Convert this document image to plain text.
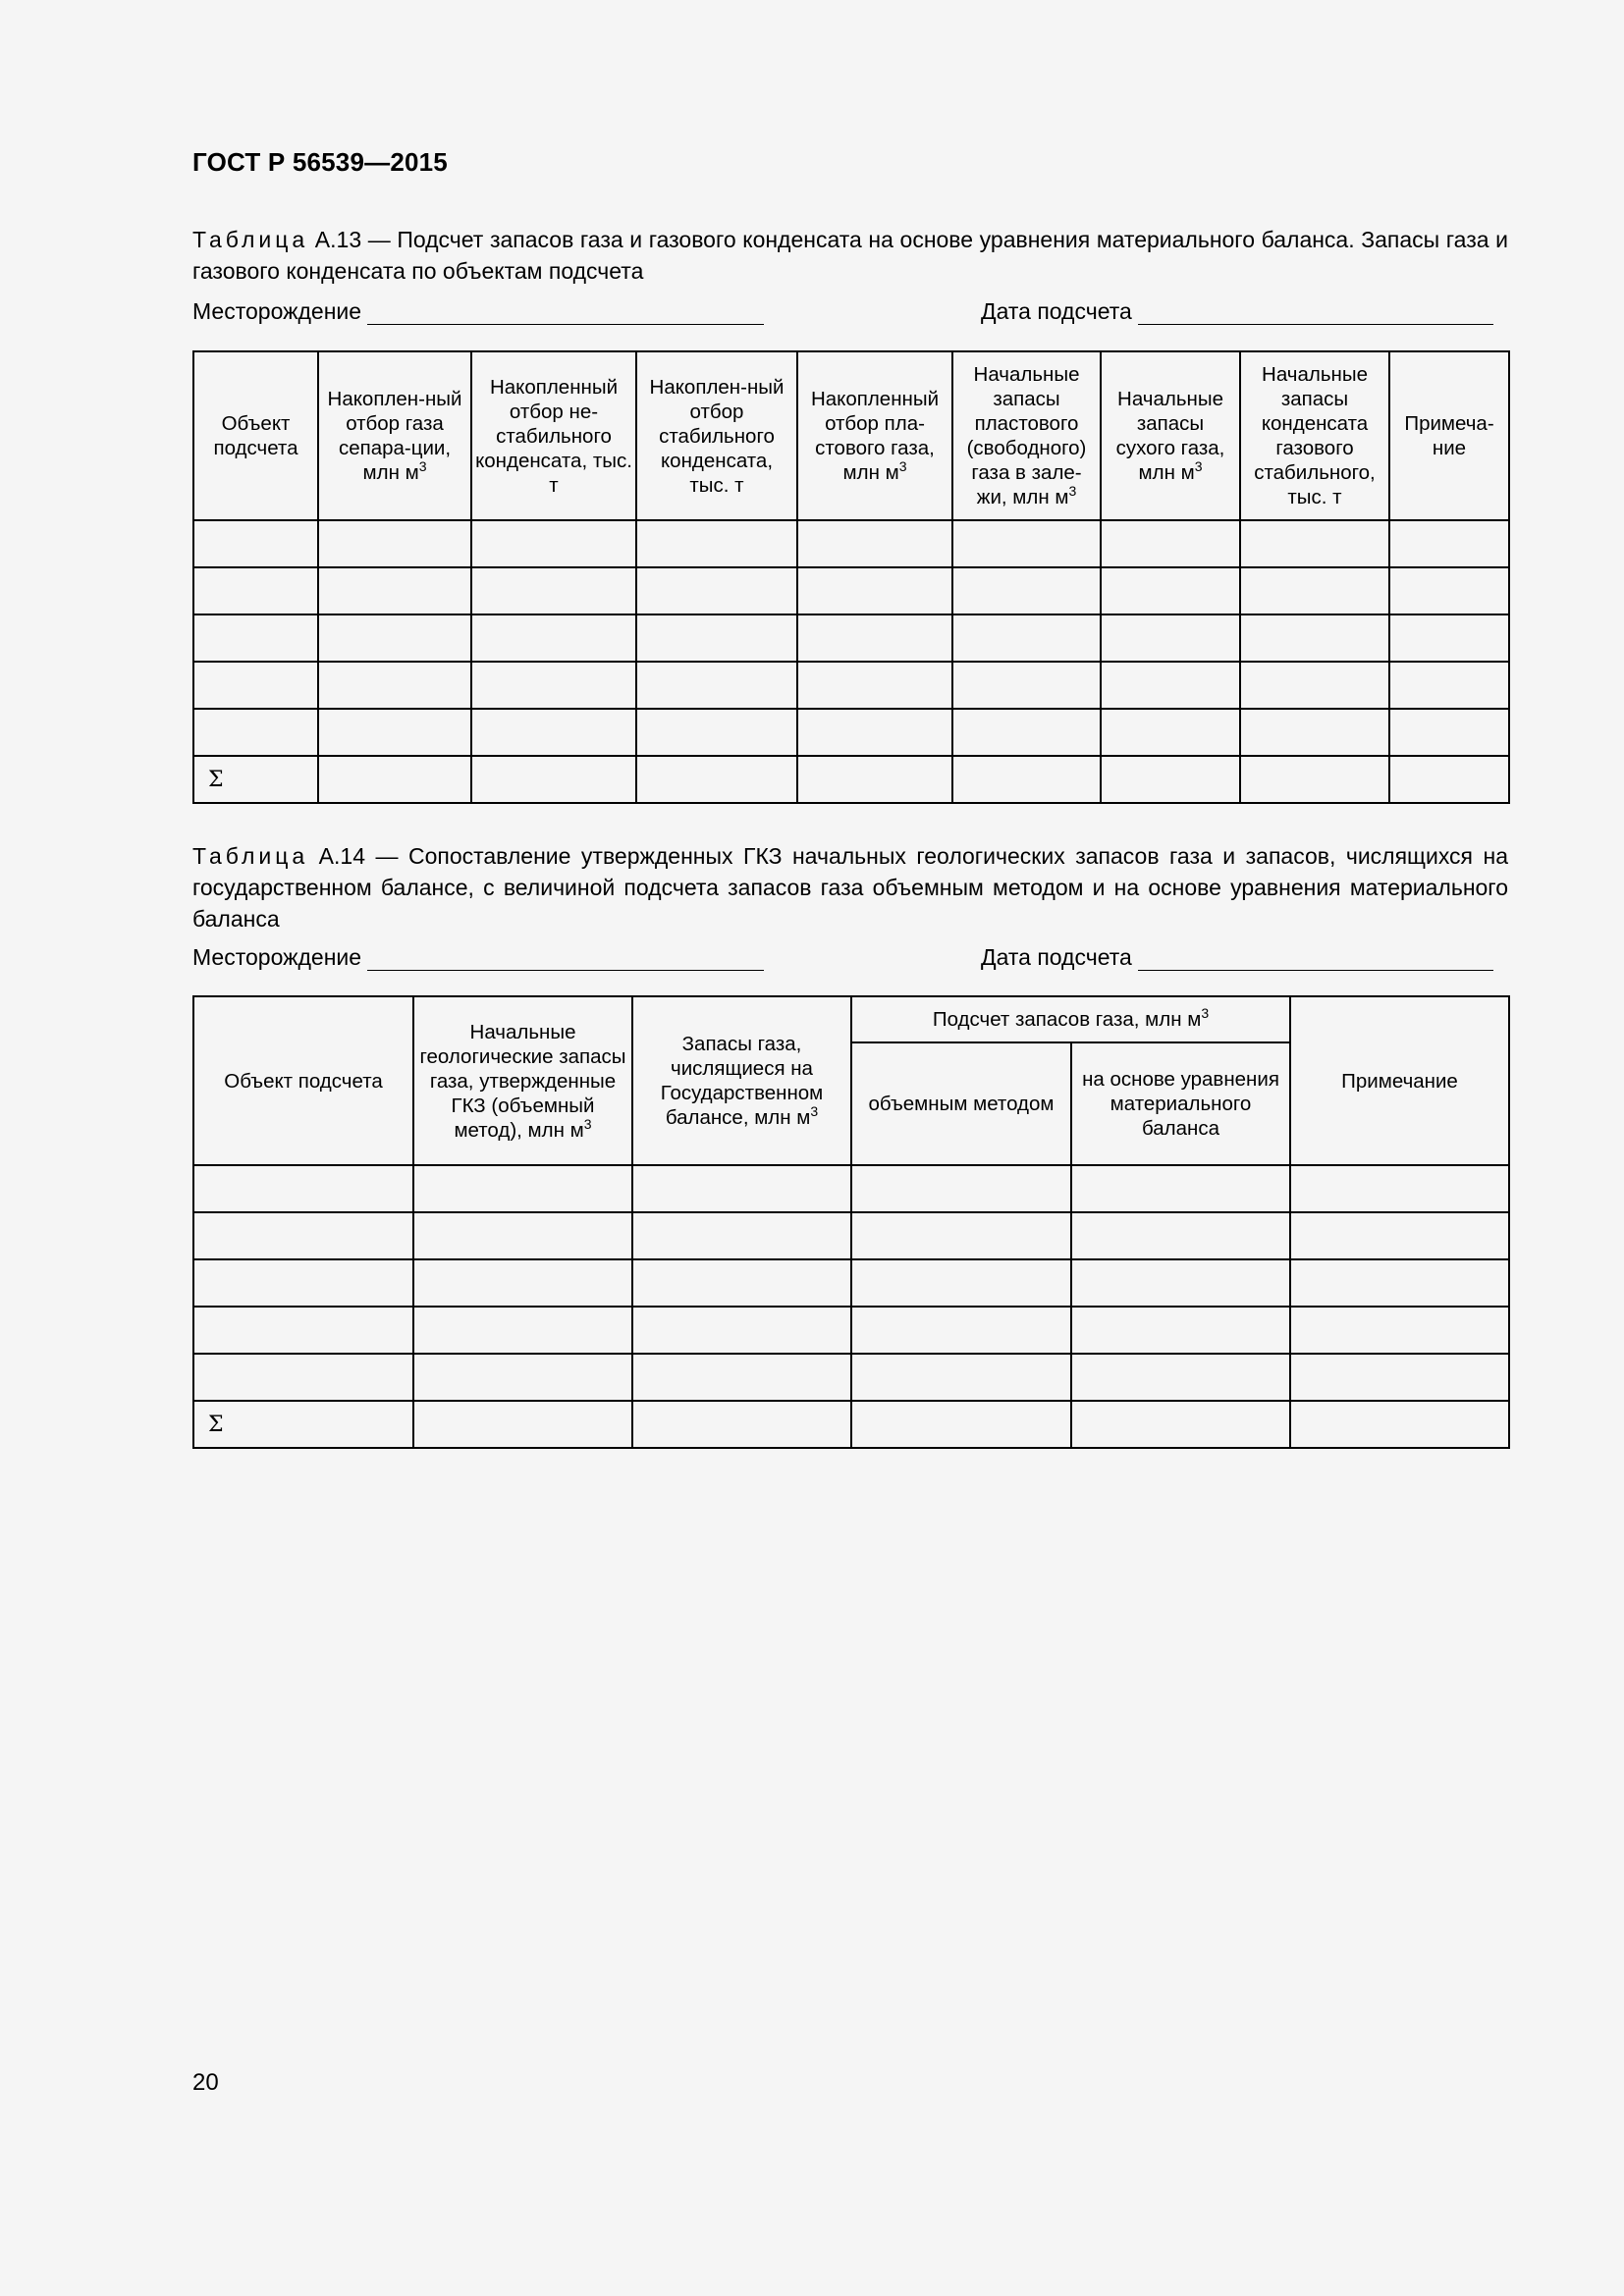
ГОСТ Р 56539—2015
Таблица А.13 — Подсчет запасов газа и газового конденсата на основе уравнения материального баланса. Запасы газа и газового конденсата по объектам подсчета
Месторождение	Дата подсчета
Объект подсчета	Накоплен-ный отбор газа сепара-ции, млн $м^3$	Накопленный отбор не-стабильного конденсата, тыс. т	Накоплен-ный отбор стабильного конденсата, тыс. т	Накопленный отбор пла-стового газа, млн $м^3$	Начальные запасы пластового (свободного) газа в зале-жи, млн $м^3$	Начальные запасы сухого газа, млн $м^3$	Начальные запасы конденсата газового стабильного, тыс. т	Примеча-ние

Σ								
Таблица А.14 — Сопоставление утвержденных ГКЗ начальных геологических запасов газа и запасов, числящихся на государственном балансе, с величиной подсчета запасов газа объемным методом и на основе уравнения материального баланса
Месторождение	Дата подсчета
Объект подсчета	Начальные геологические запасы газа, утвержденные ГКЗ (объемный метод), млн $м^3$	Запасы газа, числящиеся на Государственном балансе, млн $м^3$	Подсчет запасов газа, млн $м^3$		Примечание
			объемным методом	на основе уравнения материального баланса	

Σ					
20
